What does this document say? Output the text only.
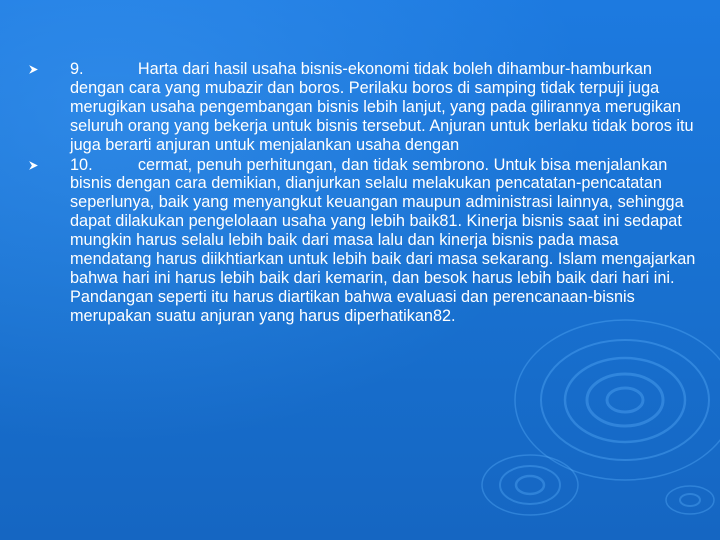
9.	Harta dari hasil usaha bisnis-ekonomi tidak boleh dihambur-hamburkan dengan cara yang mubazir dan boros. Perilaku boros di samping tidak terpuji juga merugikan usaha pengembangan bisnis lebih lanjut, yang pada gilirannya merugikan seluruh orang yang bekerja untuk bisnis tersebut. Anjuran untuk berlaku tidak boros itu juga berarti anjuran untuk menjalankan usaha dengan

10.	cermat, penuh perhitungan, dan tidak sembrono. Untuk bisa menjalankan bisnis dengan cara demikian, dianjurkan selalu melakukan pencatatan-pencatatan seperlunya, baik yang menyangkut keuangan maupun administrasi lainnya, sehingga dapat dilakukan pengelolaan usaha yang lebih baik81. Kinerja bisnis saat ini sedapat mungkin harus selalu lebih baik dari masa lalu dan kinerja bisnis pada masa mendatang harus diikhtiarkan untuk lebih baik dari masa sekarang. Islam mengajarkan bahwa hari ini harus lebih baik dari kemarin, dan besok harus lebih baik dari hari ini. Pandangan seperti itu harus diartikan bahwa evaluasi dan perencanaan-bisnis merupakan suatu anjuran yang harus diperhatikan82.
